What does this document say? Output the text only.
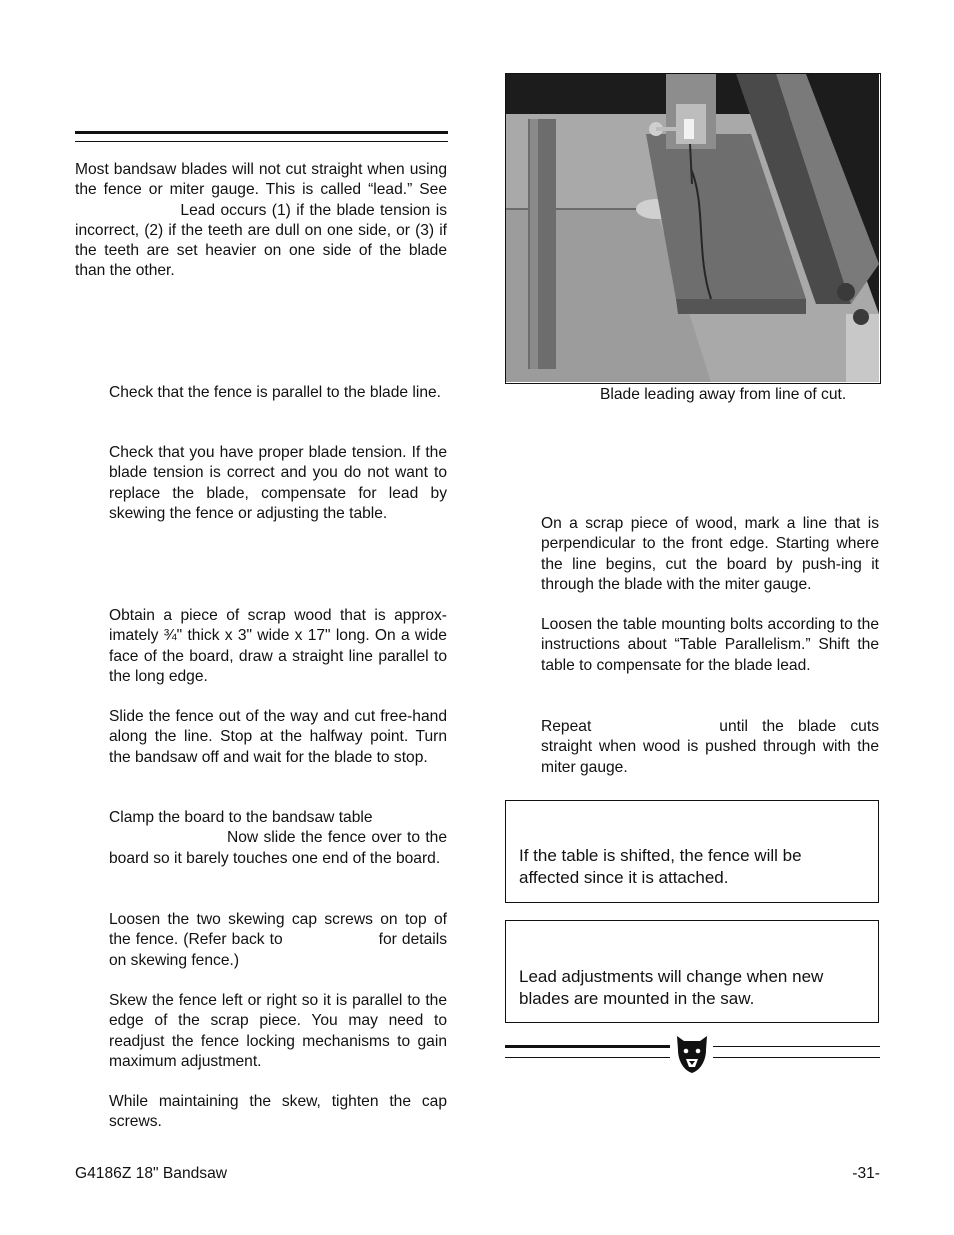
Most bandsaw blades will not cut straight when using the fence or miter gauge. This is called “lead.” See Lead occurs (1) if the blade tension is incorrect, (2) if the teeth are dull on one side, or (3) if the teeth are set heavier on one side of the blade than the other.

Check that the fence is parallel to the blade line.

Check that you have proper blade tension. If the blade tension is correct and you do not want to replace the blade, compensate for lead by skewing the fence or adjusting the table.

Obtain a piece of scrap wood that is approx-imately ¾" thick x 3" wide x 17" long. On a wide face of the board, draw a straight line parallel to the long edge.

Slide the fence out of the way and cut free-hand along the line. Stop at the halfway point. Turn the bandsaw off and wait for the blade to stop.

Clamp the board to the bandsaw table
Now slide the fence over to the board so it barely touches one end of the board.
Loosen the two skewing cap screws on top of the fence. (Refer back to	for details on skewing fence.)

Skew the fence left or right so it is parallel to the edge of the scrap piece. You may need to readjust the fence locking mechanisms to gain maximum adjustment.

While maintaining the skew, tighten the cap screws.

Blade leading away from line of cut.

On a scrap piece of wood, mark a line that is perpendicular to the front edge. Starting where the line begins, cut the board by push-ing it through the blade with the miter gauge.

Loosen the table mounting bolts according to the instructions about “Table Parallelism.” Shift the table to compensate for the blade lead.

Repeat	until the blade cuts straight when wood is pushed through with the miter gauge.

If the table is shifted, the fence will be affected since it is attached.

Lead adjustments will change when new blades are mounted in the saw.

G4186Z 18" Bandsaw	-31-
